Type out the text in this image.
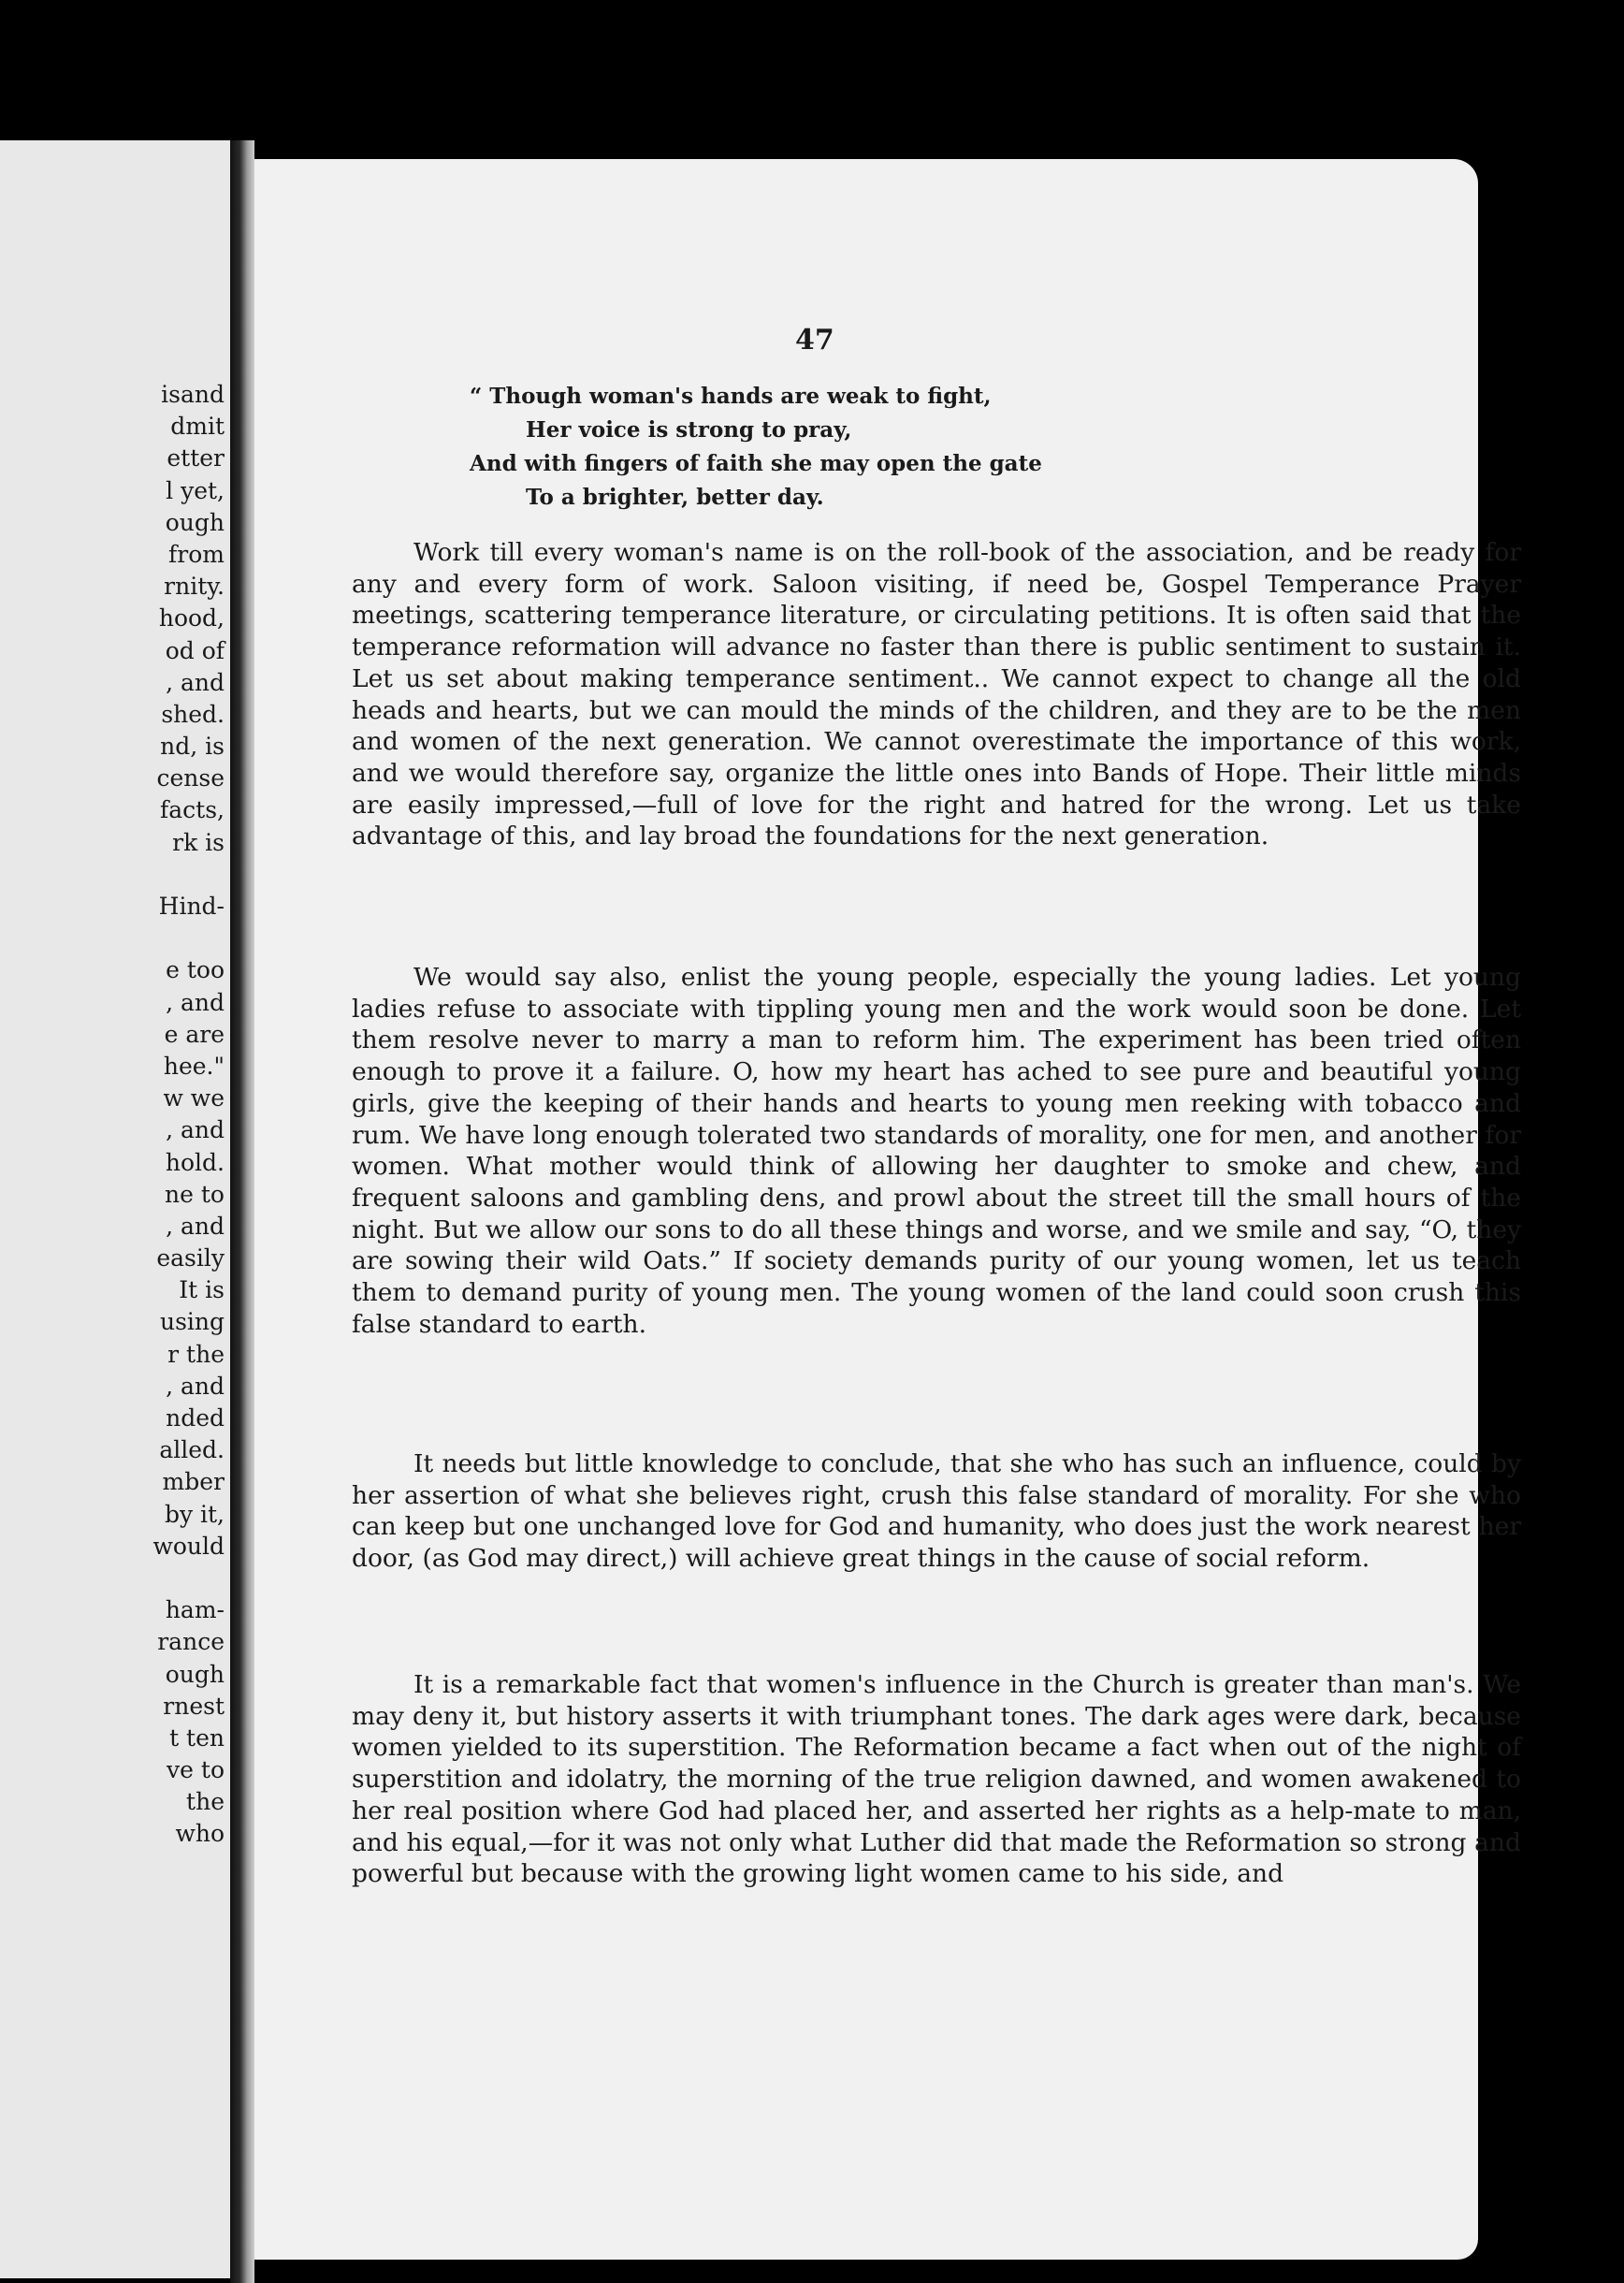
isand
dmit
etter
l yet,
ough
from
rnity.
hood,
od of
, and
shed.
nd, is
cense
facts,
rk is
Hind-
e too
, and
e are
hee."
w we
, and
hold.
ne to
, and
easily
It is
using
r the
, and
nded
alled.
mber
by it,
would
ham-
rance
ough
rnest
t ten
ve to
the
who
47
“ Though woman's hands are weak to fight,
Her voice is strong to pray,
And with fingers of faith she may open the gate
To a brighter, better day.

Work till every woman's name is on the roll-book of the association, and be ready for any and every form of work. Saloon visiting, if need be, Gospel Temperance Prayer meetings, scattering temperance literature, or circulating petitions. It is often said that the temperance reformation will advance no faster than there is public sentiment to sustain it. Let us set about making temperance sentiment.. We cannot expect to change all the old heads and hearts, but we can mould the minds of the children, and they are to be the men and women of the next generation. We cannot overestimate the importance of this work, and we would therefore say, organize the little ones into Bands of Hope. Their little minds are easily impressed,—full of love for the right and hatred for the wrong. Let us take advantage of this, and lay broad the foundations for the next generation.

We would say also, enlist the young people, especially the young ladies. Let young ladies refuse to associate with tippling young men and the work would soon be done. Let them resolve never to marry a man to reform him. The experiment has been tried often enough to prove it a failure. O, how my heart has ached to see pure and beautiful young girls, give the keeping of their hands and hearts to young men reeking with tobacco and rum. We have long enough tolerated two standards of morality, one for men, and another for women. What mother would think of allowing her daughter to smoke and chew, and frequent saloons and gambling dens, and prowl about the street till the small hours of the night. But we allow our sons to do all these things and worse, and we smile and say, “O, they are sowing their wild Oats.” If society demands purity of our young women, let us teach them to demand purity of young men. The young women of the land could soon crush this false standard to earth.

It needs but little knowledge to conclude, that she who has such an influence, could by her assertion of what she believes right, crush this false standard of morality. For she who can keep but one unchanged love for God and humanity, who does just the work nearest her door, (as God may direct,) will achieve great things in the cause of social reform.

It is a remarkable fact that women's influence in the Church is greater than man's. We may deny it, but history asserts it with triumphant tones. The dark ages were dark, because women yielded to its superstition. The Reformation became a fact when out of the night of superstition and idolatry, the morning of the true religion dawned, and women awakened to her real position where God had placed her, and asserted her rights as a help-mate to man, and his equal,—for it was not only what Luther did that made the Reformation so strong and powerful but because with the growing light women came to his side, and
